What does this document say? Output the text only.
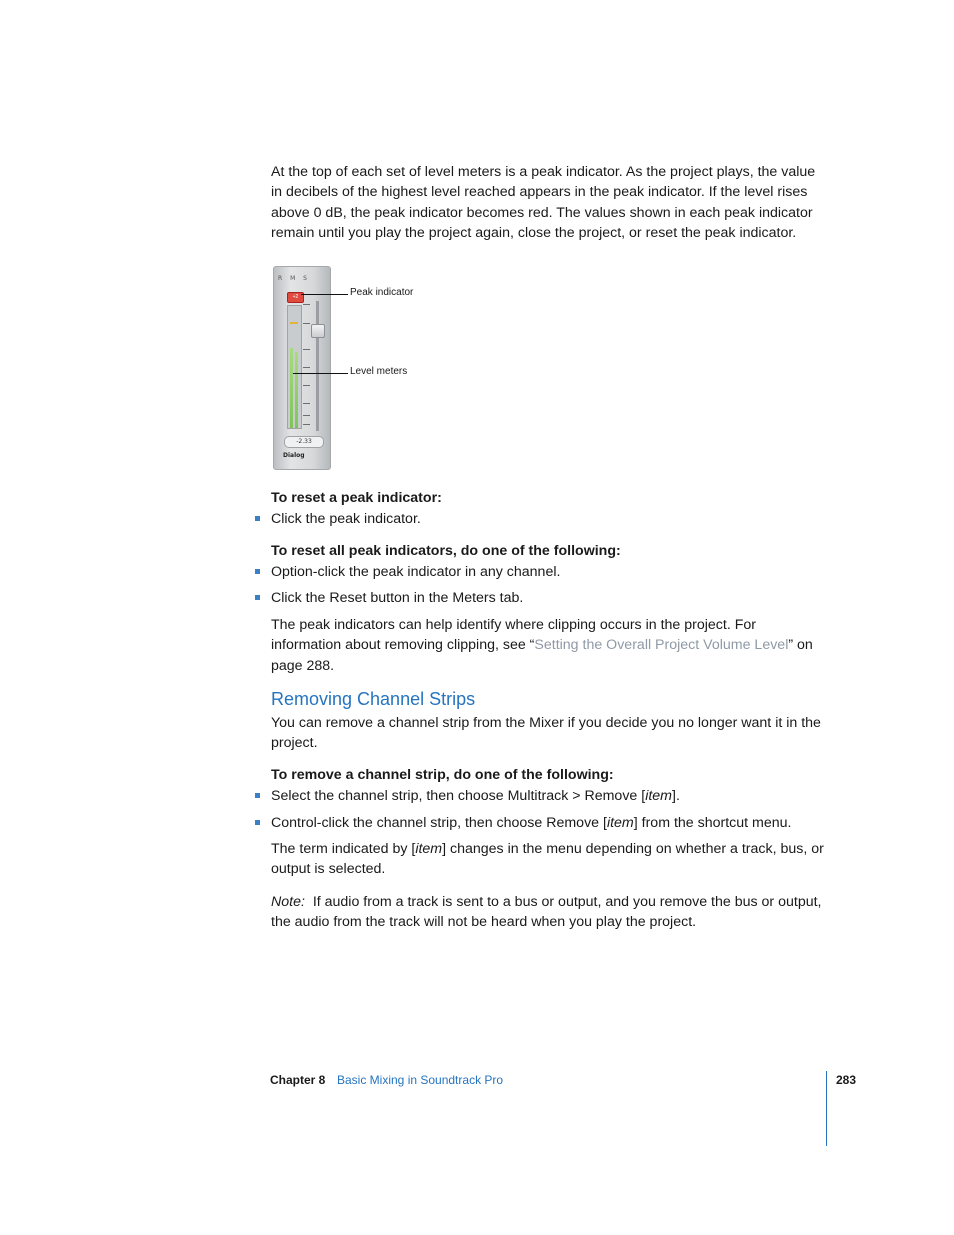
At the top of each set of level meters is a peak indicator. As the project plays, the value in decibels of the highest level reached appears in the peak indicator. If the level rises above 0 dB, the peak indicator becomes red. The values shown in each peak indicator remain until you play the project again, close the project, or reset the peak indicator.

R M S
+2
-2.33
Dialog
Peak indicator
Level meters

To reset a peak indicator:

Click the peak indicator.

To reset all peak indicators, do one of the following:

Option-click the peak indicator in any channel.
Click the Reset button in the Meters tab.

The peak indicators can help identify where clipping occurs in the project. For information about removing clipping, see “Setting the Overall Project Volume Level” on page 288.

Removing Channel Strips

You can remove a channel strip from the Mixer if you decide you no longer want it in the project.

To remove a channel strip, do one of the following:

Select the channel strip, then choose Multitrack > Remove [item].
Control-click the channel strip, then choose Remove [item] from the shortcut menu.

The term indicated by [item] changes in the menu depending on whether a track, bus, or output is selected.

Note: If audio from a track is sent to a bus or output, and you remove the bus or output, the audio from the track will not be heard when you play the project.

Chapter 8 Basic Mixing in Soundtrack Pro	283
